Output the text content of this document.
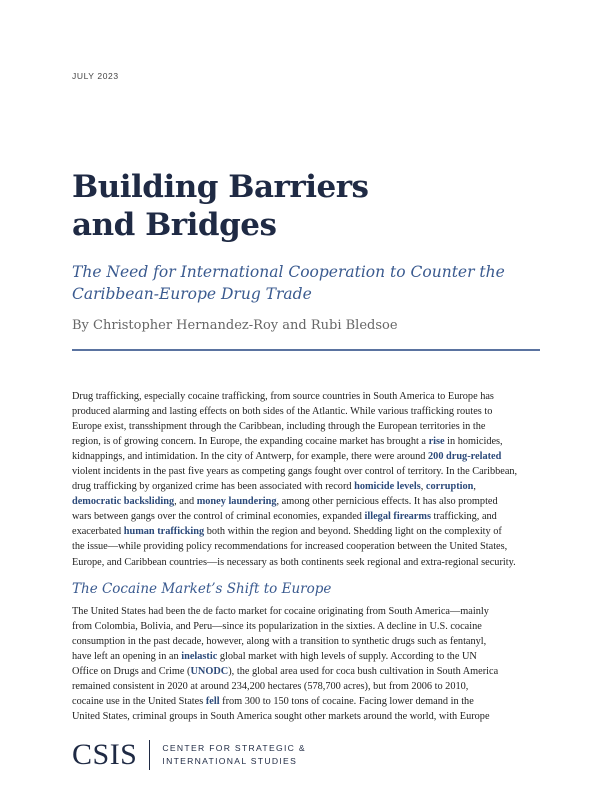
JULY 2023
Building Barriers
and Bridges
The Need for International Cooperation to Counter the
Caribbean-Europe Drug Trade
By Christopher Hernandez-Roy and Rubi Bledsoe

Drug trafficking, especially cocaine trafficking, from source countries in South America to Europe has
produced alarming and lasting effects on both sides of the Atlantic. While various trafficking routes to
Europe exist, transshipment through the Caribbean, including through the European territories in the
region, is of growing concern. In Europe, the expanding cocaine market has brought a rise in homicides,
kidnappings, and intimidation. In the city of Antwerp, for example, there were around 200 drug-related
violent incidents in the past five years as competing gangs fought over control of territory. In the Caribbean,
drug trafficking by organized crime has been associated with record homicide levels, corruption,
democratic backsliding, and money laundering, among other pernicious effects. It has also prompted
wars between gangs over the control of criminal economies, expanded illegal firearms trafficking, and
exacerbated human trafficking both within the region and beyond. Shedding light on the complexity of
the issue—while providing policy recommendations for increased cooperation between the United States,
Europe, and Caribbean countries—is necessary as both continents seek regional and extra-regional security.

The Cocaine Market’s Shift to Europe

The United States had been the de facto market for cocaine originating from South America—mainly
from Colombia, Bolivia, and Peru—since its popularization in the sixties. A decline in U.S. cocaine
consumption in the past decade, however, along with a transition to synthetic drugs such as fentanyl,
have left an opening in an inelastic global market with high levels of supply. According to the UN
Office on Drugs and Crime (UNODC), the global area used for coca bush cultivation in South America
remained consistent in 2020 at around 234,200 hectares (578,700 acres), but from 2006 to 2010,
cocaine use in the United States fell from 300 to 150 tons of cocaine. Facing lower demand in the
United States, criminal groups in South America sought other markets around the world, with Europe

CSIS	CENTER FOR STRATEGIC &
INTERNATIONAL STUDIES
